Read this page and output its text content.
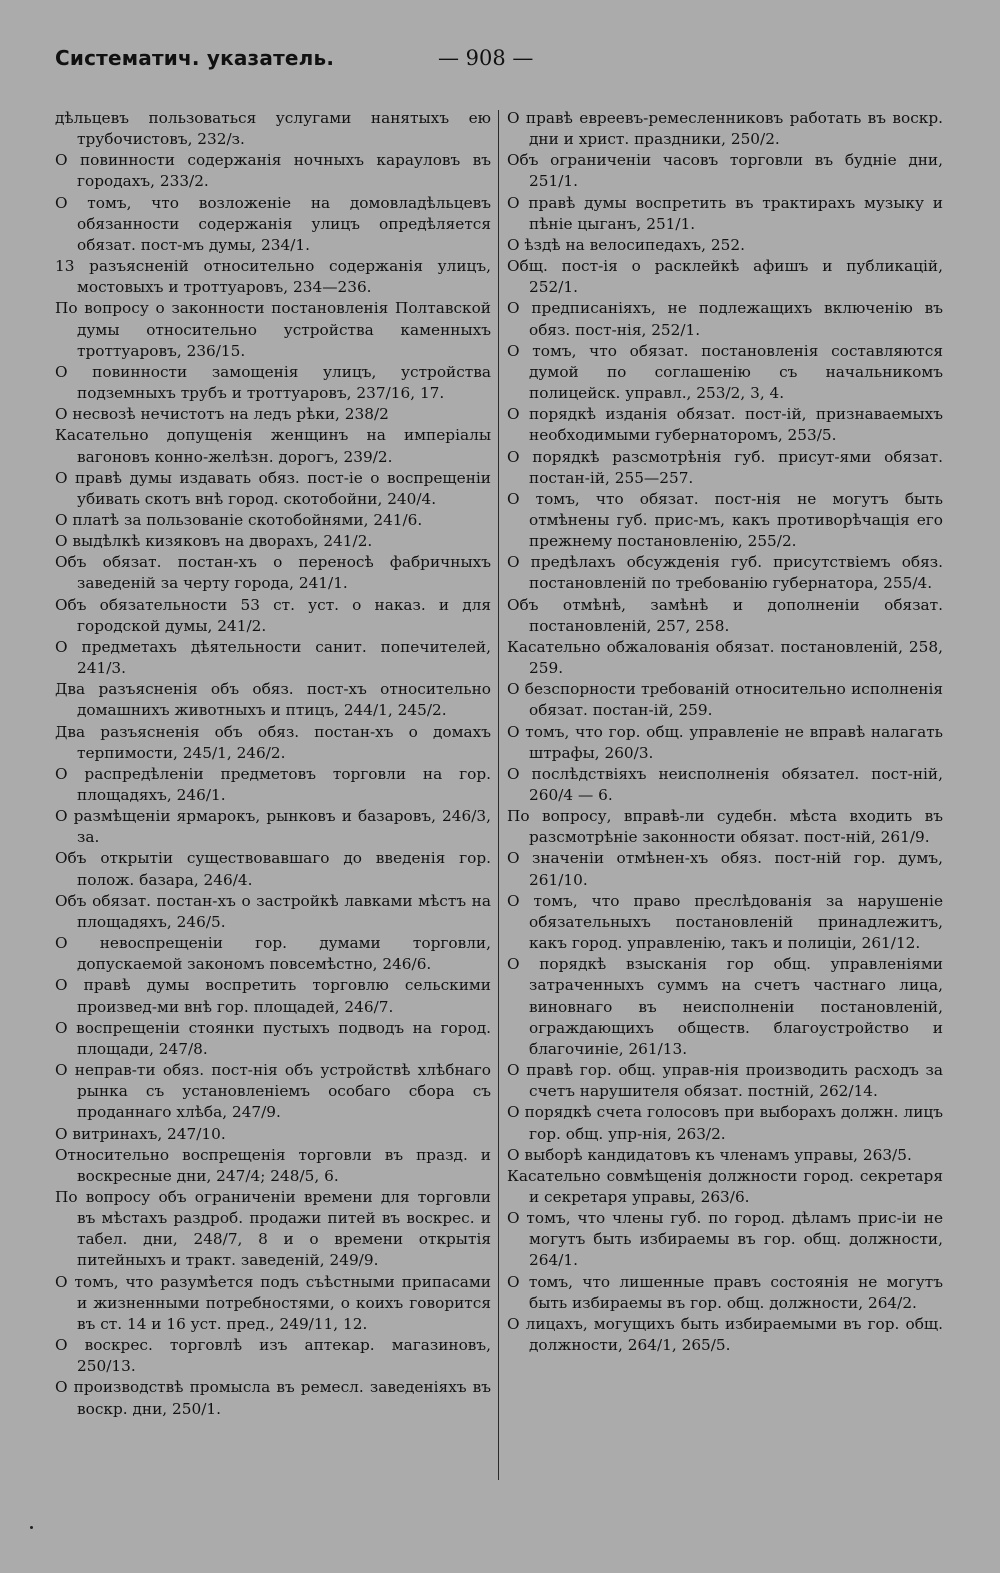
Систематич. указатель.	— 908 —
дѣльцевъ пользоваться услугами нанятыхъ ею трубочистовъ, 232/з.
О повинности содержанія ночныхъ карауловъ въ городахъ, 233/2.
О томъ, что возложеніе на домовладѣльцевъ обязанности содержанія улицъ опредѣляется обязат. пост-мъ думы, 234/1.
13 разъясненій относительно содержанія улицъ, мостовыхъ и троттуаровъ, 234—236.
По вопросу о законности постановленія Полтавской думы относительно устройства каменныхъ троттуаровъ, 236/15.
О повинности замощенія улицъ, устройства подземныхъ трубъ и троттуаровъ, 237/16, 17.
О несвозѣ нечистотъ на ледъ рѣки, 238/2
Касательно допущенія женщинъ на имперіалы вагоновъ конно-желѣзн. дорогъ, 239/2.
О правѣ думы издавать обяз. пост-іе о воспрещеніи убивать скотъ внѣ город. скотобойни, 240/4.
О платѣ за пользованіе скотобойнями, 241/6.
О выдѣлкѣ кизяковъ на дворахъ, 241/2.
Объ обязат. постан-хъ о переносѣ фабричныхъ заведеній за черту города, 241/1.
Объ обязательности 53 ст. уст. о наказ. и для городской думы, 241/2.
О предметахъ дѣятельности санит. попечителей, 241/3.
Два разъясненія объ обяз. пост-хъ относительно домашнихъ животныхъ и птицъ, 244/1, 245/2.
Два разъясненія объ обяз. постан-хъ о домахъ терпимости, 245/1, 246/2.
О распредѣленіи предметовъ торговли на гор. площадяхъ, 246/1.
О размѣщеніи ярмарокъ, рынковъ и базаровъ, 246/3, за.
Объ открытіи существовавшаго до введенія гор. полож. базара, 246/4.
Объ обязат. постан-хъ о застройкѣ лавками мѣстъ на площадяхъ, 246/5.
О невоспрещеніи гор. думами торговли, допускаемой закономъ повсемѣстно, 246/6.
О правѣ думы воспретить торговлю сельскими произвед-ми внѣ гор. площадей, 246/7.
О воспрещеніи стоянки пустыхъ подводъ на город. площади, 247/8.
О неправ-ти обяз. пост-нія объ устройствѣ хлѣбнаго рынка съ установленіемъ особаго сбора съ проданнаго хлѣба, 247/9.
О витринахъ, 247/10.
Относительно воспрещенія торговли въ празд. и воскресные дни, 247/4; 248/5, 6.
По вопросу объ ограниченіи времени для торговли въ мѣстахъ раздроб. продажи питей въ воскрес. и табел. дни, 248/7, 8 и о времени открытія питейныхъ и тракт. заведеній, 249/9.
О томъ, что разумѣется подъ съѣстными припасами и жизненными потребностями, о коихъ говорится въ ст. 14 и 16 уст. пред., 249/11, 12.
О воскрес. торговлѣ изъ аптекар. магазиновъ, 250/13.
О производствѣ промысла въ ремесл. заведеніяхъ въ воскр. дни, 250/1.
О правѣ евреевъ-ремесленниковъ работать въ воскр. дни и христ. праздники, 250/2.
Объ ограниченіи часовъ торговли въ будніе дни, 251/1.
О правѣ думы воспретить въ трактирахъ музыку и пѣніе цыганъ, 251/1.
О ѣздѣ на велосипедахъ, 252.
Общ. пост-ія о расклейкѣ афишъ и публикацій, 252/1.
О предписаніяхъ, не подлежащихъ включенію въ обяз. пост-нія, 252/1.
О томъ, что обязат. постановленія составляются думой по соглашенію съ начальникомъ полицейск. управл., 253/2, 3, 4.
О порядкѣ изданія обязат. пост-ій, признаваемыхъ необходимыми губернаторомъ, 253/5.
О порядкѣ разсмотрѣнія губ. присут-ями обязат. постан-ій, 255—257.
О томъ, что обязат. пост-нія не могутъ быть отмѣнены губ. прис-мъ, какъ противорѣчащія его прежнему постановленію, 255/2.
О предѣлахъ обсужденія губ. присутствіемъ обяз. постановленій по требованію губернатора, 255/4.
Объ отмѣнѣ, замѣнѣ и дополненіи обязат. постановленій, 257, 258.
Касательно обжалованія обязат. постановленій, 258, 259.
О безспорности требованій относительно исполненія обязат. постан-ій, 259.
О томъ, что гор. общ. управленіе не вправѣ налагать штрафы, 260/3.
О послѣдствіяхъ неисполненія обязател. пост-ній, 260/4 — 6.
По вопросу, вправѣ-ли судебн. мѣста входить въ разсмотрѣніе законности обязат. пост-ній, 261/9.
О значеніи отмѣнен-хъ обяз. пост-ній гор. думъ, 261/10.
О томъ, что право преслѣдованія за нарушеніе обязательныхъ постановленій принадлежитъ, какъ город. управленію, такъ и полиціи, 261/12.
О порядкѣ взысканія гор общ. управленіями затраченныхъ суммъ на счетъ частнаго лица, виновнаго въ неисполненіи постановленій, ограждающихъ обществ. благоустройство и благочиніе, 261/13.
О правѣ гор. общ. управ-нія производить расходъ за счетъ нарушителя обязат. постній, 262/14.
О порядкѣ счета голосовъ при выборахъ должн. лицъ гор. общ. упр-нія, 263/2.
О выборѣ кандидатовъ къ членамъ управы, 263/5.
Касательно совмѣщенія должности город. секретаря и секретаря управы, 263/6.
О томъ, что члены губ. по город. дѣламъ прис-іи не могутъ быть избираемы въ гор. общ. должности, 264/1.
О томъ, что лишенные правъ состоянія не могутъ быть избираемы въ гор. общ. должности, 264/2.
О лицахъ, могущихъ быть избираемыми въ гор. общ. должности, 264/1, 265/5.
